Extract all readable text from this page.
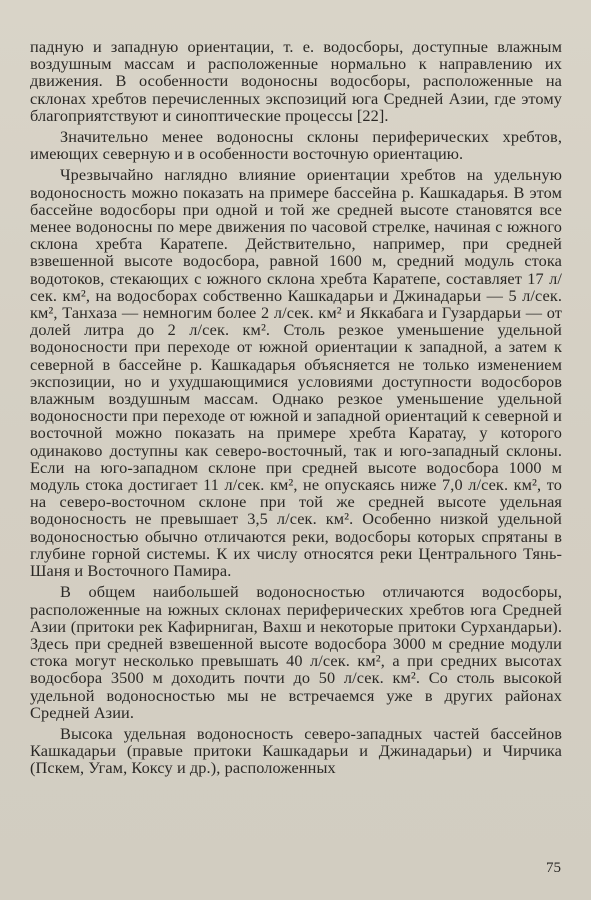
падную и западную ориентации, т. е. водосборы, доступные влажным воздушным массам и расположенные нормально к направлению их движения. В особенности водоносны водосборы, расположенные на склонах хребтов перечисленных экспозиций юга Средней Азии, где этому благоприятствуют и синоптические процессы [22].

Значительно менее водоносны склоны периферических хребтов, имеющих северную и в особенности восточную ориентацию.

Чрезвычайно наглядно влияние ориентации хребтов на удельную водоносность можно показать на примере бассейна р. Кашкадарья. В этом бассейне водосборы при одной и той же средней высоте становятся все менее водоносны по мере движения по часовой стрелке, начиная с южного склона хребта Каратепе. Действительно, например, при средней взвешенной высоте водосбора, равной 1600 м, средний модуль стока водотоков, стекающих с южного склона хребта Каратепе, составляет 17 л/сек. км², на водосборах собственно Кашкадарьи и Джинадарьи — 5 л/сек. км², Танхаза — немногим более 2 л/сек. км² и Яккабага и Гузардарьи — от долей литра до 2 л/сек. км². Столь резкое уменьшение удельной водоносности при переходе от южной ориентации к западной, а затем к северной в бассейне р. Кашкадарья объясняется не только изменением экспозиции, но и ухудшающимися условиями доступности водосборов влажным воздушным массам. Однако резкое уменьшение удельной водоносности при переходе от южной и западной ориентаций к северной и восточной можно показать на примере хребта Каратау, у которого одинаково доступны как северо-восточный, так и юго-западный склоны. Если на юго-западном склоне при средней высоте водосбора 1000 м модуль стока достигает 11 л/сек. км², не опускаясь ниже 7,0 л/сек. км², то на северо-восточном склоне при той же средней высоте удельная водоносность не превышает 3,5 л/сек. км². Особенно низкой удельной водоносностью обычно отличаются реки, водосборы которых спрятаны в глубине горной системы. К их числу относятся реки Центрального Тянь-Шаня и Восточного Памира.

В общем наибольшей водоносностью отличаются водосборы, расположенные на южных склонах периферических хребтов юга Средней Азии (притоки рек Кафирниган, Вахш и некоторые притоки Сурхандарьи). Здесь при средней взвешенной высоте водосбора 3000 м средние модули стока могут несколько превышать 40 л/сек. км², а при средних высотах водосбора 3500 м доходить почти до 50 л/сек. км². Со столь высокой удельной водоносностью мы не встречаемся уже в других районах Средней Азии.

Высока удельная водоносность северо-западных частей бассейнов Кашкадарьи (правые притоки Кашкадарьи и Джинадарьи) и Чирчика (Пскем, Угам, Коксу и др.), расположенных

75
